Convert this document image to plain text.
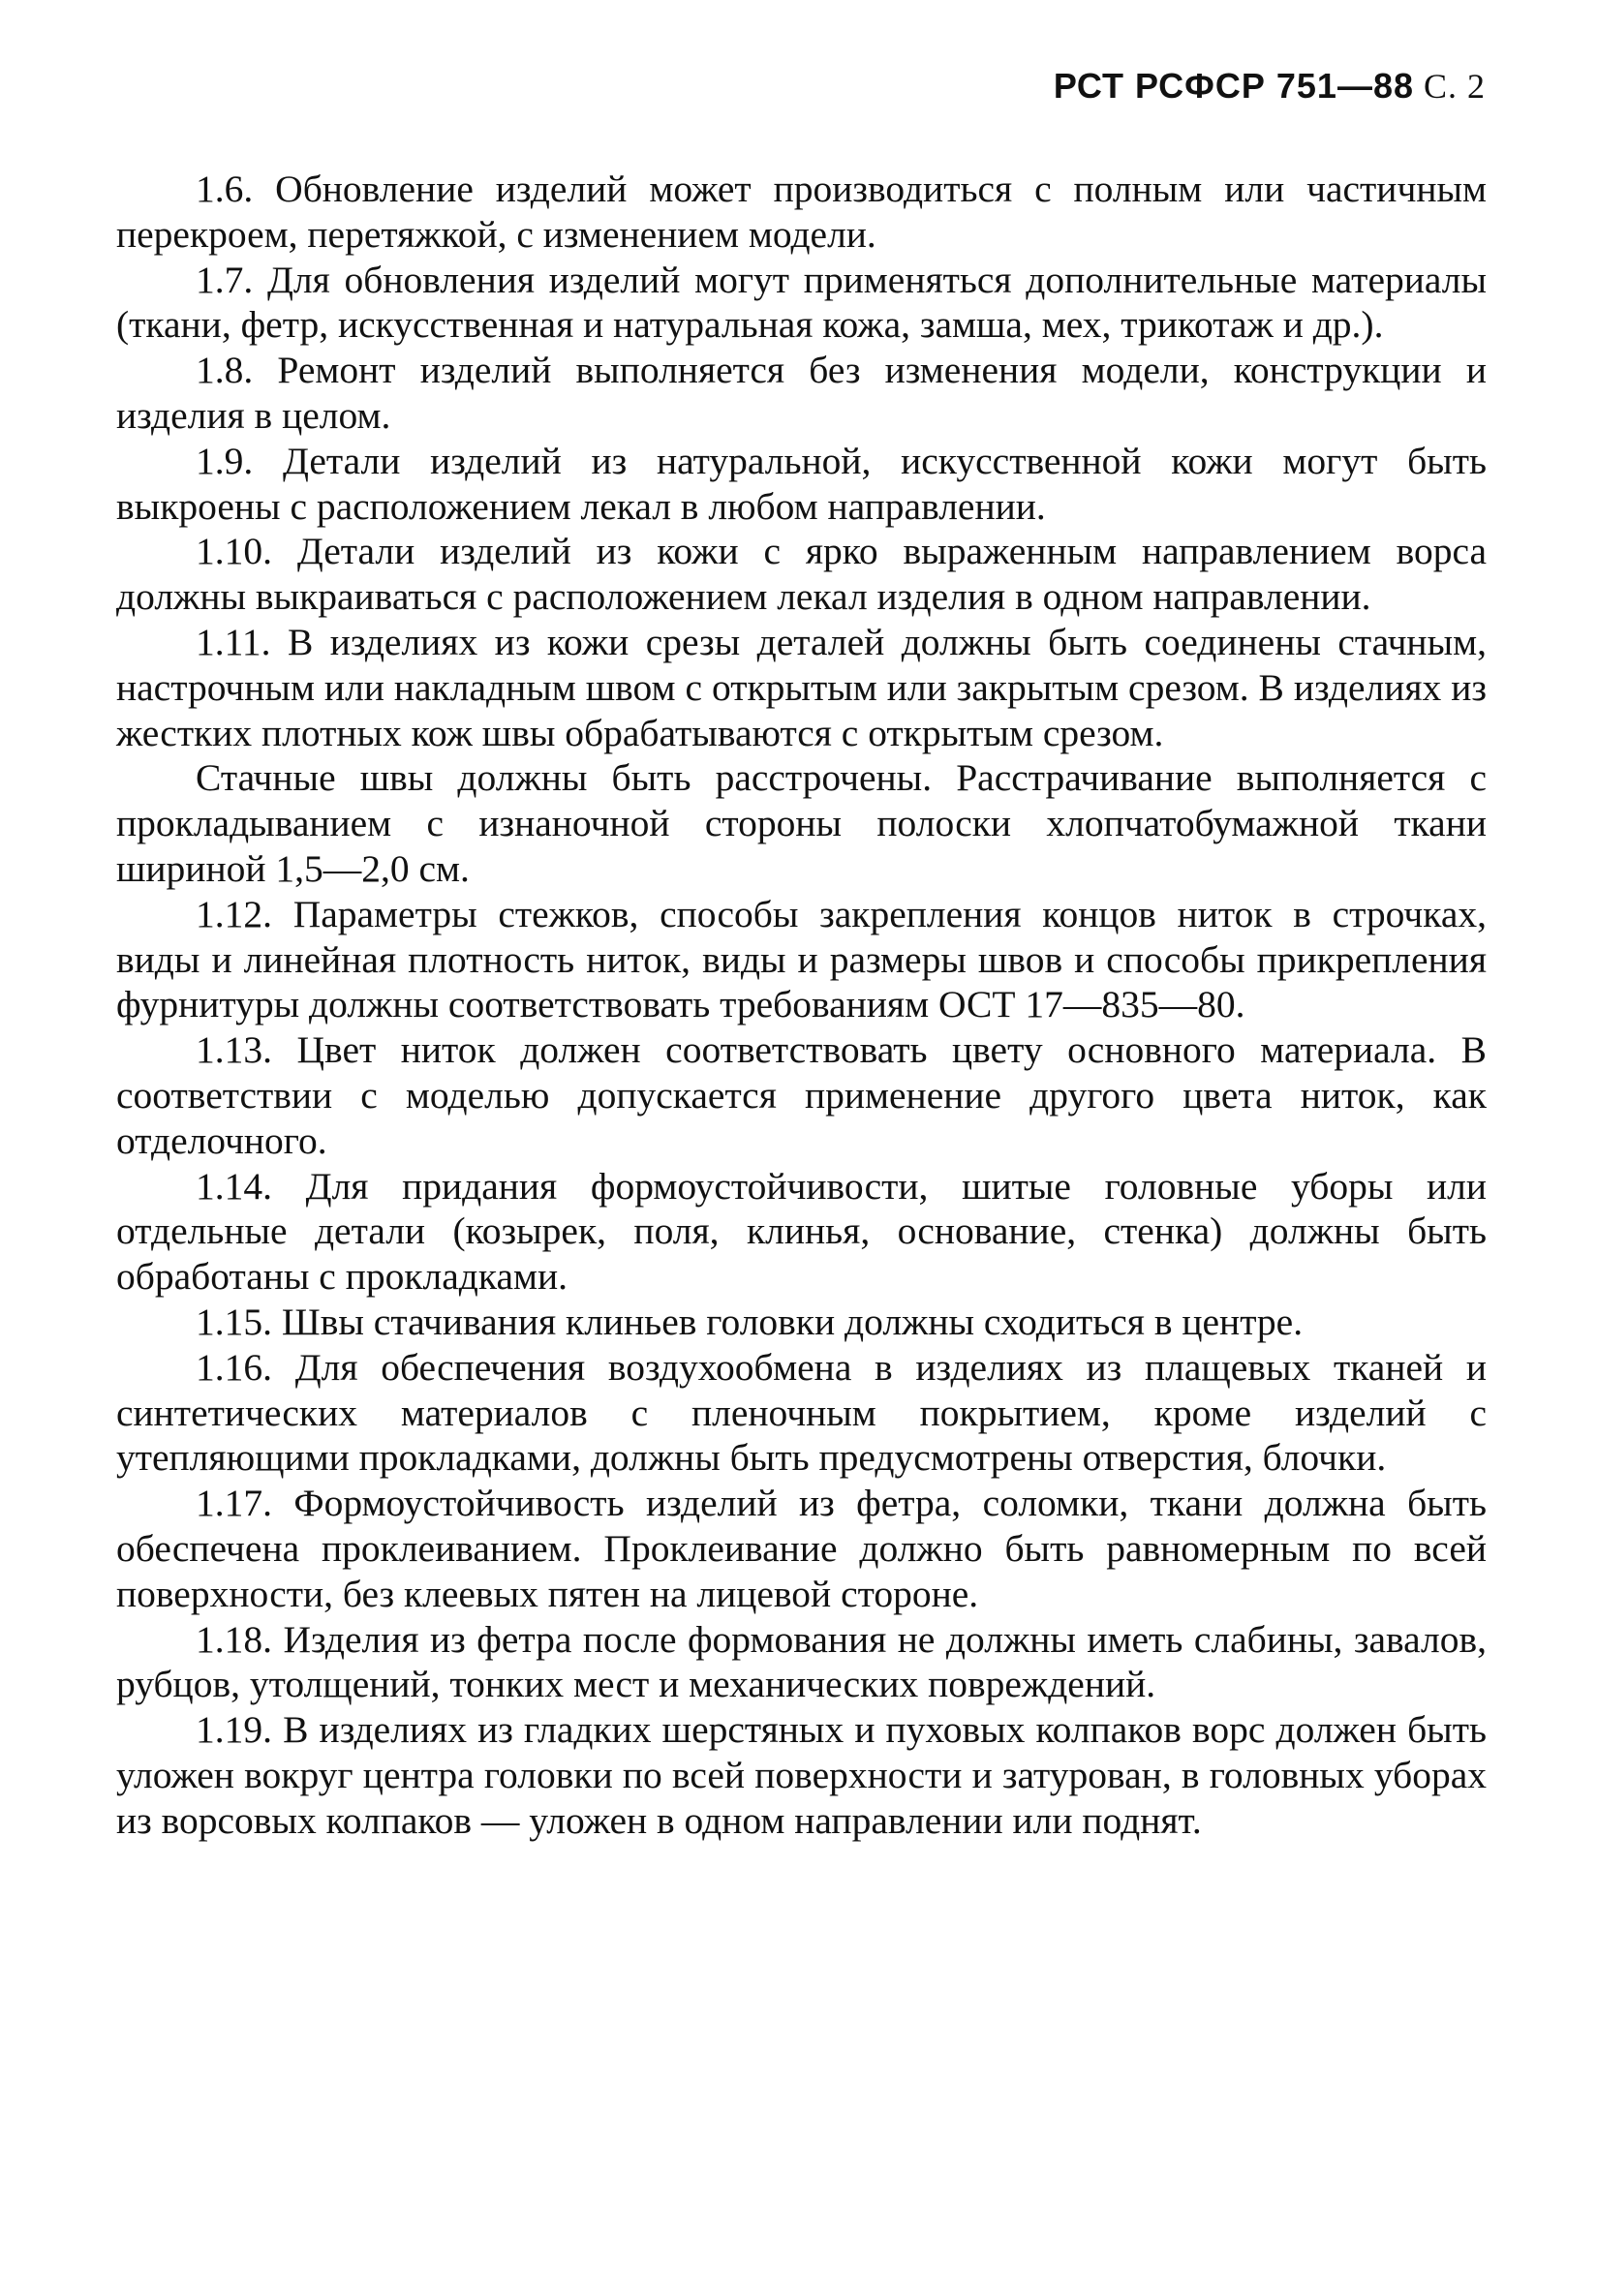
РСТ РСФСР 751—88 С. 2

1.6. Обновление изделий может производиться с полным или частичным перекроем, перетяжкой, с изменением модели.

1.7. Для обновления изделий могут применяться дополнительные материалы (ткани, фетр, искусственная и натуральная кожа, замша, мех, трикотаж и др.).

1.8. Ремонт изделий выполняется без изменения модели, конструкции и изделия в целом.

1.9. Детали изделий из натуральной, искусственной кожи могут быть выкроены с расположением лекал в любом направлении.

1.10. Детали изделий из кожи с ярко выраженным направлением ворса должны выкраиваться с расположением лекал изделия в одном направлении.

1.11. В изделиях из кожи срезы деталей должны быть соединены стачным, настрочным или накладным швом с открытым или закрытым срезом. В изделиях из жестких плотных кож швы обрабатываются с открытым срезом.

Стачные швы должны быть расстрочены. Расстрачивание выполняется с прокладыванием с изнаночной стороны полоски хлопчатобумажной ткани шириной 1,5—2,0 см.

1.12. Параметры стежков, способы закрепления концов ниток в строчках, виды и линейная плотность ниток, виды и размеры швов и способы прикрепления фурнитуры должны соответствовать требованиям ОСТ 17—835—80.

1.13. Цвет ниток должен соответствовать цвету основного материала. В соответствии с моделью допускается применение другого цвета ниток, как отделочного.

1.14. Для придания формоустойчивости, шитые головные уборы или отдельные детали (козырек, поля, клинья, основание, стенка) должны быть обработаны с прокладками.

1.15. Швы стачивания клиньев головки должны сходиться в центре.

1.16. Для обеспечения воздухообмена в изделиях из плащевых тканей и синтетических материалов с пленочным покрытием, кроме изделий с утепляющими прокладками, должны быть предусмотрены отверстия, блочки.

1.17. Формоустойчивость изделий из фетра, соломки, ткани должна быть обеспечена проклеиванием. Проклеивание должно быть равномерным по всей поверхности, без клеевых пятен на лицевой стороне.

1.18. Изделия из фетра после формования не должны иметь слабины, завалов, рубцов, утолщений, тонких мест и механических повреждений.

1.19. В изделиях из гладких шерстяных и пуховых колпаков ворс должен быть уложен вокруг центра головки по всей поверхности и затурован, в головных уборах из ворсовых колпаков — уложен в одном направлении или поднят.
